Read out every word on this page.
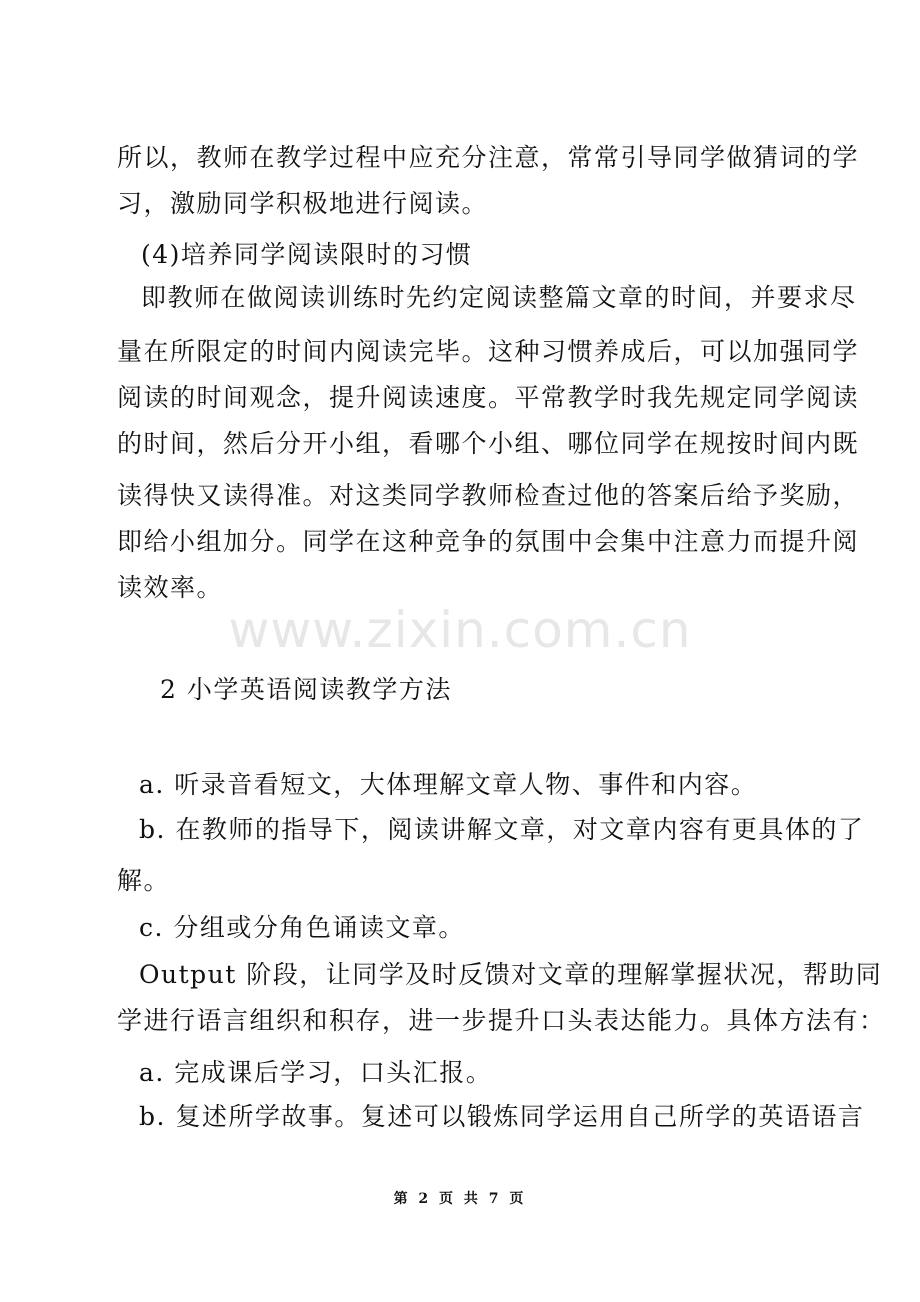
所以，教师在教学过程中应充分注意，常常引导同学做猜词的学
习，激励同学积极地进行阅读。
(4)培养同学阅读限时的习惯
即教师在做阅读训练时先约定阅读整篇文章的时间，并要求尽
量在所限定的时间内阅读完毕。这种习惯养成后，可以加强同学
阅读的时间观念，提升阅读速度。平常教学时我先规定同学阅读
的时间，然后分开小组，看哪个小组、哪位同学在规按时间内既
读得快又读得准。对这类同学教师检查过他的答案后给予奖励，
即给小组加分。同学在这种竞争的氛围中会集中注意力而提升阅
读效率。
www.zixin.com.cn
2 小学英语阅读教学方法
a. 听录音看短文，大体理解文章人物、事件和内容。
b. 在教师的指导下，阅读讲解文章，对文章内容有更具体的了
解。
c. 分组或分角色诵读文章。
Output 阶段，让同学及时反馈对文章的理解掌握状况，帮助同
学进行语言组织和积存，进一步提升口头表达能力。具体方法有：
a. 完成课后学习，口头汇报。
b. 复述所学故事。复述可以锻炼同学运用自己所学的英语语言
第 2 页 共 7 页
